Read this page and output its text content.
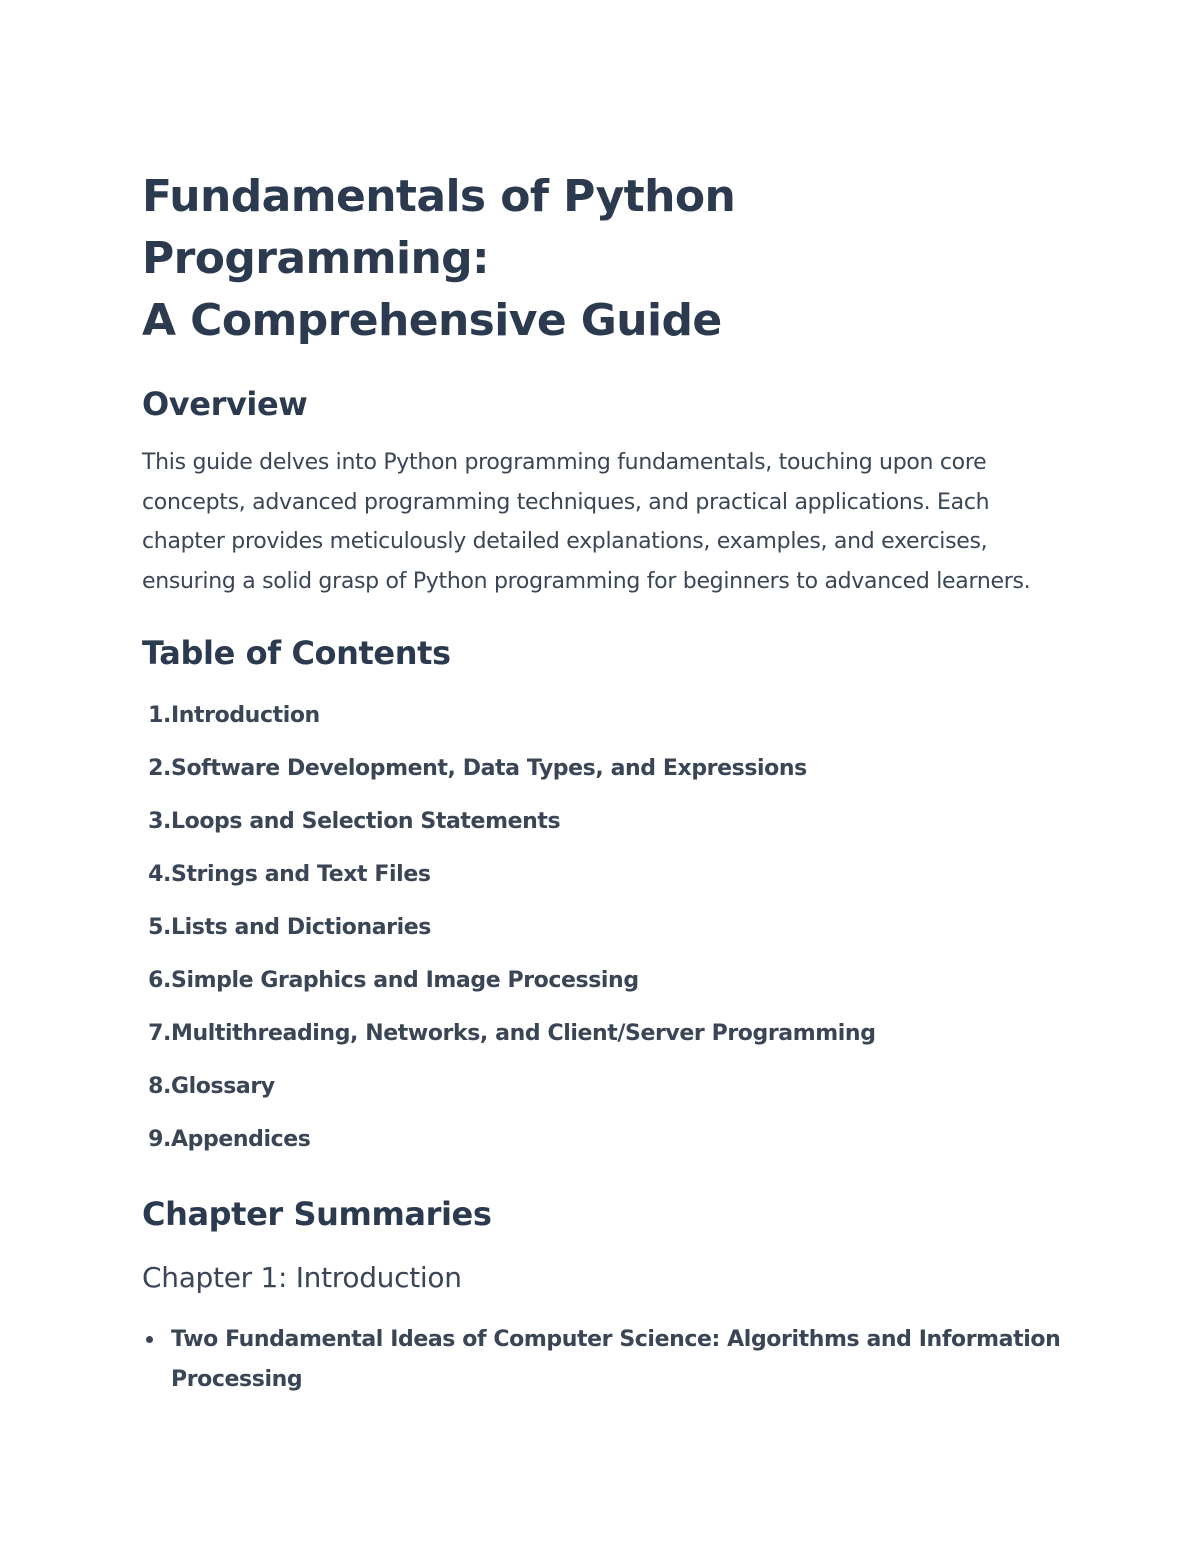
Fundamentals of Python Programming:
A Comprehensive Guide
Overview

This guide delves into Python programming fundamentals, touching upon core concepts, advanced programming techniques, and practical applications. Each chapter provides meticulously detailed explanations, examples, and exercises, ensuring a solid grasp of Python programming for beginners to advanced learners.

Table of Contents
1. Introduction
2. Software Development, Data Types, and Expressions
3. Loops and Selection Statements
4. Strings and Text Files
5. Lists and Dictionaries
6. Simple Graphics and Image Processing
7. Multithreading, Networks, and Client/Server Programming
8. Glossary
9. Appendices
Chapter Summaries
Chapter 1: Introduction
Two Fundamental Ideas of Computer Science: Algorithms and Information Processing
